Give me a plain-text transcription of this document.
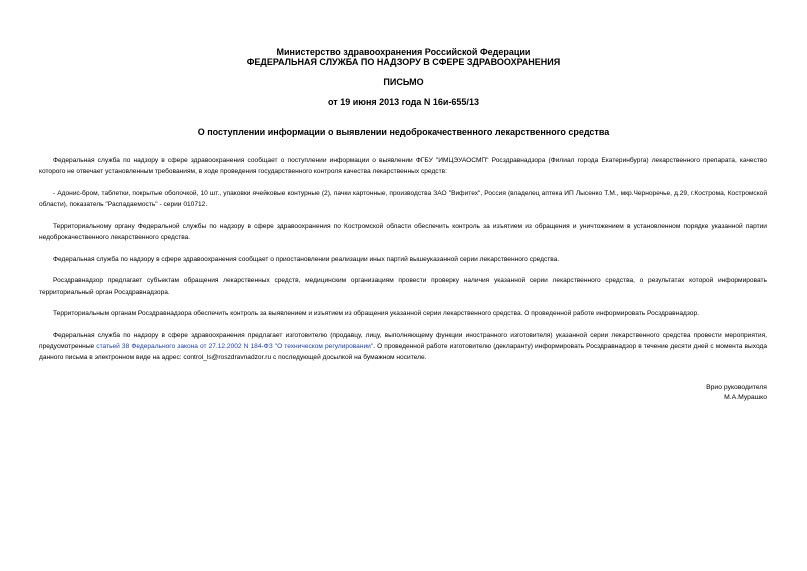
Министерство здравоохранения Российской Федерации
ФЕДЕРАЛЬНАЯ СЛУЖБА ПО НАДЗОРУ В СФЕРЕ ЗДРАВООХРАНЕНИЯ
ПИСЬМО
от 19 июня 2013 года N 16и-655/13
О поступлении информации о выявлении недоброкачественного лекарственного средства

Федеральная служба по надзору в сфере здравоохранения сообщает о поступлении информации о выявлении ФГБУ "ИМЦЭУАОСМП" Росздравнадзора (Филиал города Екатеринбурга) лекарственного препарата, качество которого не отвечает установленным требованиям, в ходе проведения государственного контроля качества лекарственных средств:

- Адонис-бром, таблетки, покрытые оболочкой, 10 шт., упаковки ячейковые контурные (2), пачки картонные, производства ЗАО "Вифитех", Россия (владелец аптека ИП Лысенко Т.М., мкр.Черноречье, д.29, г.Кострома, Костромской области), показатель "Распадаемость" - серии 010712.

Территориальному органу Федеральной службы по надзору в сфере здравоохранения по Костромской области обеспечить контроль за изъятием из обращения и уничтожением в установленном порядке указанной партии недоброкачественного лекарственного средства.

Федеральная служба по надзору в сфере здравоохранения сообщает о приостановлении реализации иных партий вышеуказанной серии лекарственного средства.

Росздравнадзор предлагает субъектам обращения лекарственных средств, медицинским организациям провести проверку наличия указанной серии лекарственного средства, о результатах которой информировать территориальный орган Росздравнадзора.

Территориальным органам Росздравнадзора обеспечить контроль за выявлением и изъятием из обращения указанной серии лекарственного средства. О проведенной работе информировать Росздравнадзор.

Федеральная служба по надзору в сфере здравоохранения предлагает изготовителю (продавцу, лицу, выполняющему функции иностранного изготовителя) указанной серии лекарственного средства провести мероприятия, предусмотренные статьей 38 Федерального закона от 27.12.2002 N 184-ФЗ "О техническом регулировании". О проведенной работе изготовителю (декларанту) информировать Росздравнадзор в течение десяти дней с момента выхода данного письма в электронном виде на адрес: control_ls@roszdravnadzor.ru с последующей досылкой на бумажном носителе.

Врио руководителя
М.А.Мурашко
